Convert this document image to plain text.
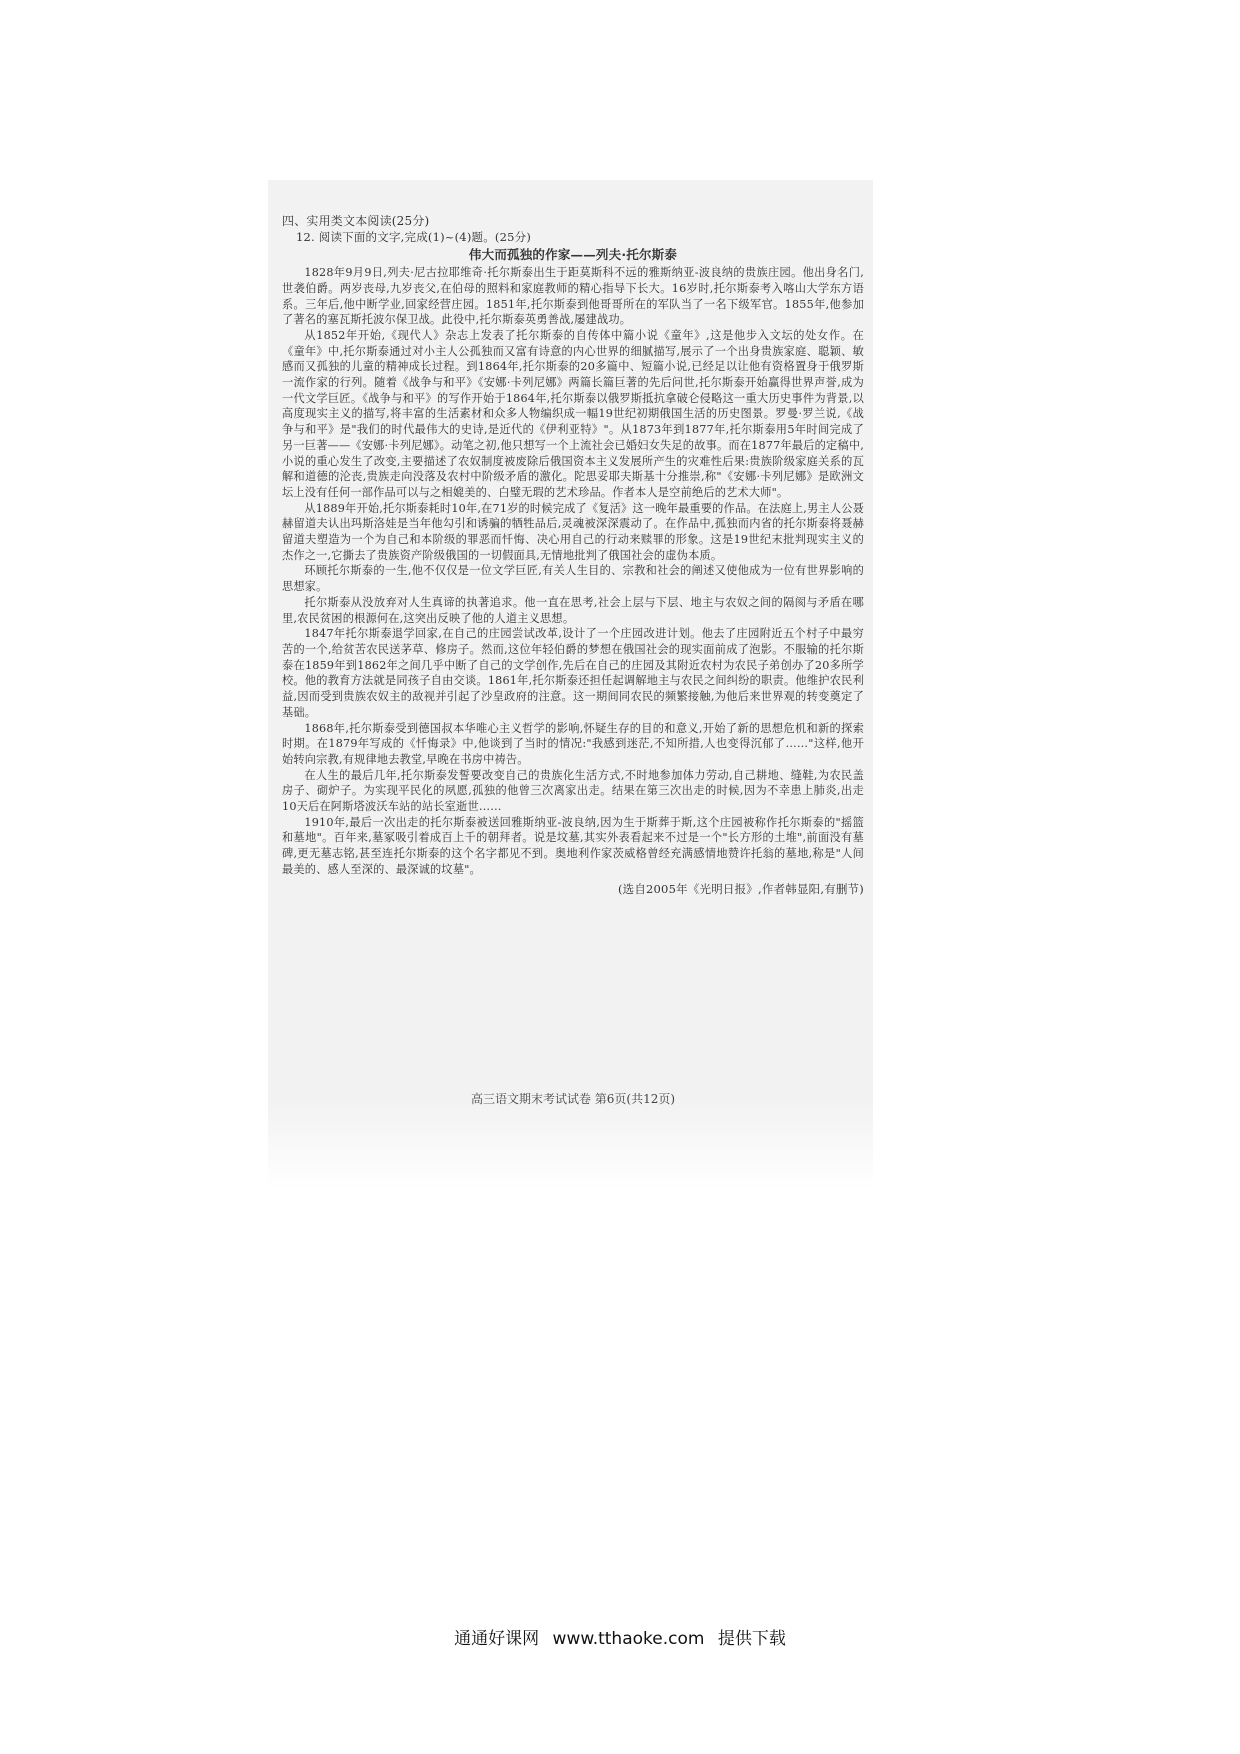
四、实用类文本阅读(25分)

12. 阅读下面的文字,完成(1)~(4)题。(25分)

伟大而孤独的作家——列夫·托尔斯泰

1828年9月9日,列夫·尼古拉耶维奇·托尔斯泰出生于距莫斯科不远的雅斯纳亚-波良纳的贵族庄园。他出身名门,世袭伯爵。两岁丧母,九岁丧父,在伯母的照料和家庭教师的精心指导下长大。16岁时,托尔斯泰考入喀山大学东方语系。三年后,他中断学业,回家经营庄园。1851年,托尔斯泰到他哥哥所在的军队当了一名下级军官。1855年,他参加了著名的塞瓦斯托波尔保卫战。此役中,托尔斯泰英勇善战,屡建战功。

从1852年开始,《现代人》杂志上发表了托尔斯泰的自传体中篇小说《童年》,这是他步入文坛的处女作。在《童年》中,托尔斯泰通过对小主人公孤独而又富有诗意的内心世界的细腻描写,展示了一个出身贵族家庭、聪颖、敏感而又孤独的儿童的精神成长过程。到1864年,托尔斯泰的20多篇中、短篇小说,已经足以让他有资格置身于俄罗斯一流作家的行列。随着《战争与和平》《安娜·卡列尼娜》两篇长篇巨著的先后问世,托尔斯泰开始赢得世界声誉,成为一代文学巨匠。《战争与和平》的写作开始于1864年,托尔斯泰以俄罗斯抵抗拿破仑侵略这一重大历史事件为背景,以高度现实主义的描写,将丰富的生活素材和众多人物编织成一幅19世纪初期俄国生活的历史图景。罗曼·罗兰说,《战争与和平》是"我们的时代最伟大的史诗,是近代的《伊利亚特》"。从1873年到1877年,托尔斯泰用5年时间完成了另一巨著——《安娜·卡列尼娜》。动笔之初,他只想写一个上流社会已婚妇女失足的故事。而在1877年最后的定稿中,小说的重心发生了改变,主要描述了农奴制度被废除后俄国资本主义发展所产生的灾难性后果:贵族阶级家庭关系的瓦解和道德的沦丧,贵族走向没落及农村中阶级矛盾的激化。陀思妥耶夫斯基十分推崇,称"《安娜·卡列尼娜》是欧洲文坛上没有任何一部作品可以与之相媲美的、白璧无瑕的艺术珍品。作者本人是空前绝后的艺术大师"。

从1889年开始,托尔斯泰耗时10年,在71岁的时候完成了《复活》这一晚年最重要的作品。在法庭上,男主人公聂赫留道夫认出玛斯洛娃是当年他勾引和诱骗的牺牲品后,灵魂被深深震动了。在作品中,孤独而内省的托尔斯泰将聂赫留道夫塑造为一个为自己和本阶级的罪恶而忏悔、决心用自己的行动来赎罪的形象。这是19世纪末批判现实主义的杰作之一,它撕去了贵族资产阶级俄国的一切假面具,无情地批判了俄国社会的虚伪本质。

环顾托尔斯泰的一生,他不仅仅是一位文学巨匠,有关人生目的、宗教和社会的阐述又使他成为一位有世界影响的思想家。

托尔斯泰从没放弃对人生真谛的执著追求。他一直在思考,社会上层与下层、地主与农奴之间的隔阂与矛盾在哪里,农民贫困的根源何在,这突出反映了他的人道主义思想。

1847年托尔斯泰退学回家,在自己的庄园尝试改革,设计了一个庄园改进计划。他去了庄园附近五个村子中最穷苦的一个,给贫苦农民送茅草、修房子。然而,这位年轻伯爵的梦想在俄国社会的现实面前成了泡影。不服输的托尔斯泰在1859年到1862年之间几乎中断了自己的文学创作,先后在自己的庄园及其附近农村为农民子弟创办了20多所学校。他的教育方法就是同孩子自由交谈。1861年,托尔斯泰还担任起调解地主与农民之间纠纷的职责。他维护农民利益,因而受到贵族农奴主的敌视并引起了沙皇政府的注意。这一期间同农民的频繁接触,为他后来世界观的转变奠定了基础。

1868年,托尔斯泰受到德国叔本华唯心主义哲学的影响,怀疑生存的目的和意义,开始了新的思想危机和新的探索时期。在1879年写成的《忏悔录》中,他谈到了当时的情况:"我感到迷茫,不知所措,人也变得沉郁了……"这样,他开始转向宗教,有规律地去教堂,早晚在书房中祷告。

在人生的最后几年,托尔斯泰发誓要改变自己的贵族化生活方式,不时地参加体力劳动,自己耕地、缝鞋,为农民盖房子、砌炉子。为实现平民化的夙愿,孤独的他曾三次离家出走。结果在第三次出走的时候,因为不幸患上肺炎,出走10天后在阿斯塔波沃车站的站长室逝世……

1910年,最后一次出走的托尔斯泰被送回雅斯纳亚-波良纳,因为生于斯葬于斯,这个庄园被称作托尔斯泰的"摇篮和墓地"。百年来,墓冢吸引着成百上千的朝拜者。说是坟墓,其实外表看起来不过是一个"长方形的土堆",前面没有墓碑,更无墓志铭,甚至连托尔斯泰的这个名字都见不到。奥地利作家茨威格曾经充满感情地赞许托翁的墓地,称是"人间最美的、感人至深的、最深诚的坟墓"。

(选自2005年《光明日报》,作者韩显阳,有删节)

高三语文期末考试试卷 第6页(共12页)
通通好课网 www.tthaoke.com 提供下载
